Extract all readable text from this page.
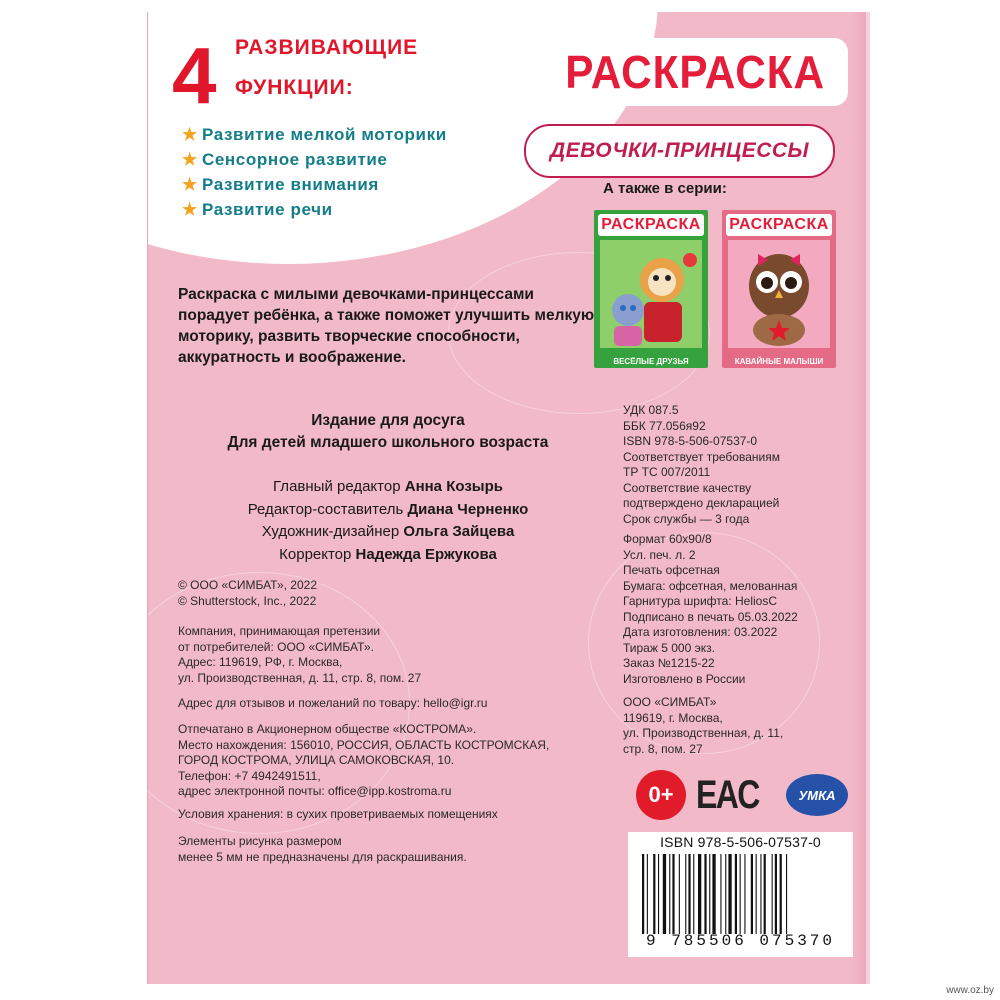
4 РАЗВИВАЮЩИЕ
ФУНКЦИИ:
★ Развитие мелкой моторики
★ Сенсорное развитие
★ Развитие внимания
★ Развитие речи
РАСКРАСКА
ДЕВОЧКИ-ПРИНЦЕССЫ
А также в серии:
РАСКРАСКА
ВЕСЁЛЫЕ ДРУЗЬЯ
РАСКРАСКА
КАВАЙНЫЕ МАЛЫШИ
Раскраска с милыми девочками-принцессами порадует ребёнка, а также поможет улучшить мелкую моторику, развить творческие способности, аккуратность и воображение.
Издание для досуга
Для детей младшего школьного возраста
Главный редактор Анна Козырь
Редактор-составитель Диана Черненко
Художник-дизайнер Ольга Зайцева
Корректор Надежда Ержукова
© ООО «СИМБАТ», 2022
© Shutterstock, Inc., 2022
Компания, принимающая претензии
от потребителей: ООО «СИМБАТ».
Адрес: 119619, РФ, г. Москва,
ул. Производственная, д. 11, стр. 8, пом. 27
Адрес для отзывов и пожеланий по товару: hello@igr.ru
Отпечатано в Акционерном обществе «КОСТРОМА».
Место нахождения: 156010, РОССИЯ, ОБЛАСТЬ КОСТРОМСКАЯ,
ГОРОД КОСТРОМА, УЛИЦА САМОКОВСКАЯ, 10.
Телефон: +7 4942491511,
адрес электронной почты: office@ipp.kostroma.ru
Условия хранения: в сухих проветриваемых помещениях
Элементы рисунка размером
менее 5 мм не предназначены для раскрашивания.
УДК 087.5
ББК 77.056я92
ISBN 978-5-506-07537-0
Соответствует требованиям
ТР ТС 007/2011
Соответствие качеству
подтверждено декларацией
Срок службы — 3 года
Формат 60х90/8
Усл. печ. л. 2
Печать офсетная
Бумага: офсетная, мелованная
Гарнитура шрифта: HeliosC
Подписано в печать 05.03.2022
Дата изготовления: 03.2022
Тираж 5 000 экз.
Заказ №1215-22
Изготовлено в России
ООО «СИМБАТ»
119619, г. Москва,
ул. Производственная, д. 11,
стр. 8, пом. 27
0+ EAC	УМКА
ISBN 978-5-506-07537-0
9 785506 075370
www.oz.by
